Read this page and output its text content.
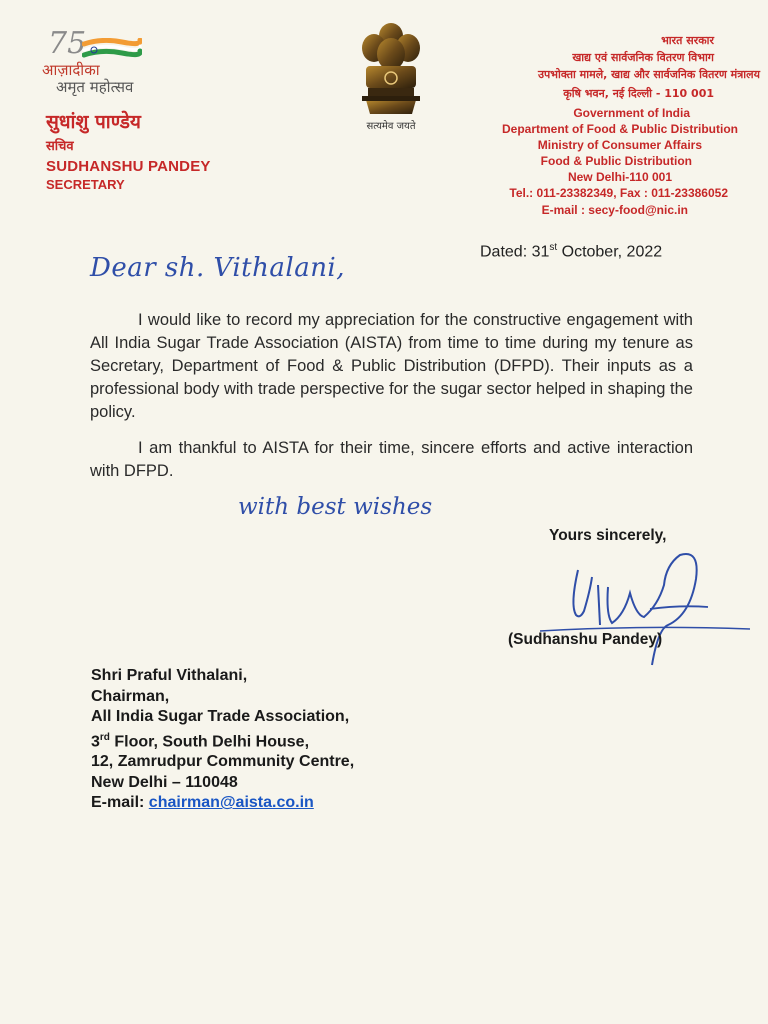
75
आज़ादीका
अमृत महोत्सव
सुधांशु पाण्डेय
सचिव
SUDHANSHU PANDEY
SECRETARY
सत्यमेव जयते
भारत सरकार
खाद्य एवं सार्वजनिक वितरण विभाग
उपभोक्ता मामले, खाद्य और सार्वजनिक वितरण मंत्रालय
कृषि भवन, नई दिल्ली - 110 001
Government of India
Department of Food & Public Distribution
Ministry of Consumer Affairs
Food & Public Distribution
New Delhi-110 001
Tel.: 011-23382349, Fax : 011-23386052
E-mail : secy-food@nic.in
Dated: 31st October, 2022
Dear sh. Vithalani,
I would like to record my appreciation for the constructive engagement with All India Sugar Trade Association (AISTA) from time to time during my tenure as Secretary, Department of Food & Public Distribution (DFPD). Their inputs as a professional body with trade perspective for the sugar sector helped in shaping the policy.
I am thankful to AISTA for their time, sincere efforts and active interaction with DFPD.
with best wishes
Yours sincerely,
(Sudhanshu Pandey)
Shri Praful Vithalani,
Chairman,
All India Sugar Trade Association,
3rd Floor, South Delhi House,
12, Zamrudpur Community Centre,
New Delhi – 110048
E-mail: chairman@aista.co.in
